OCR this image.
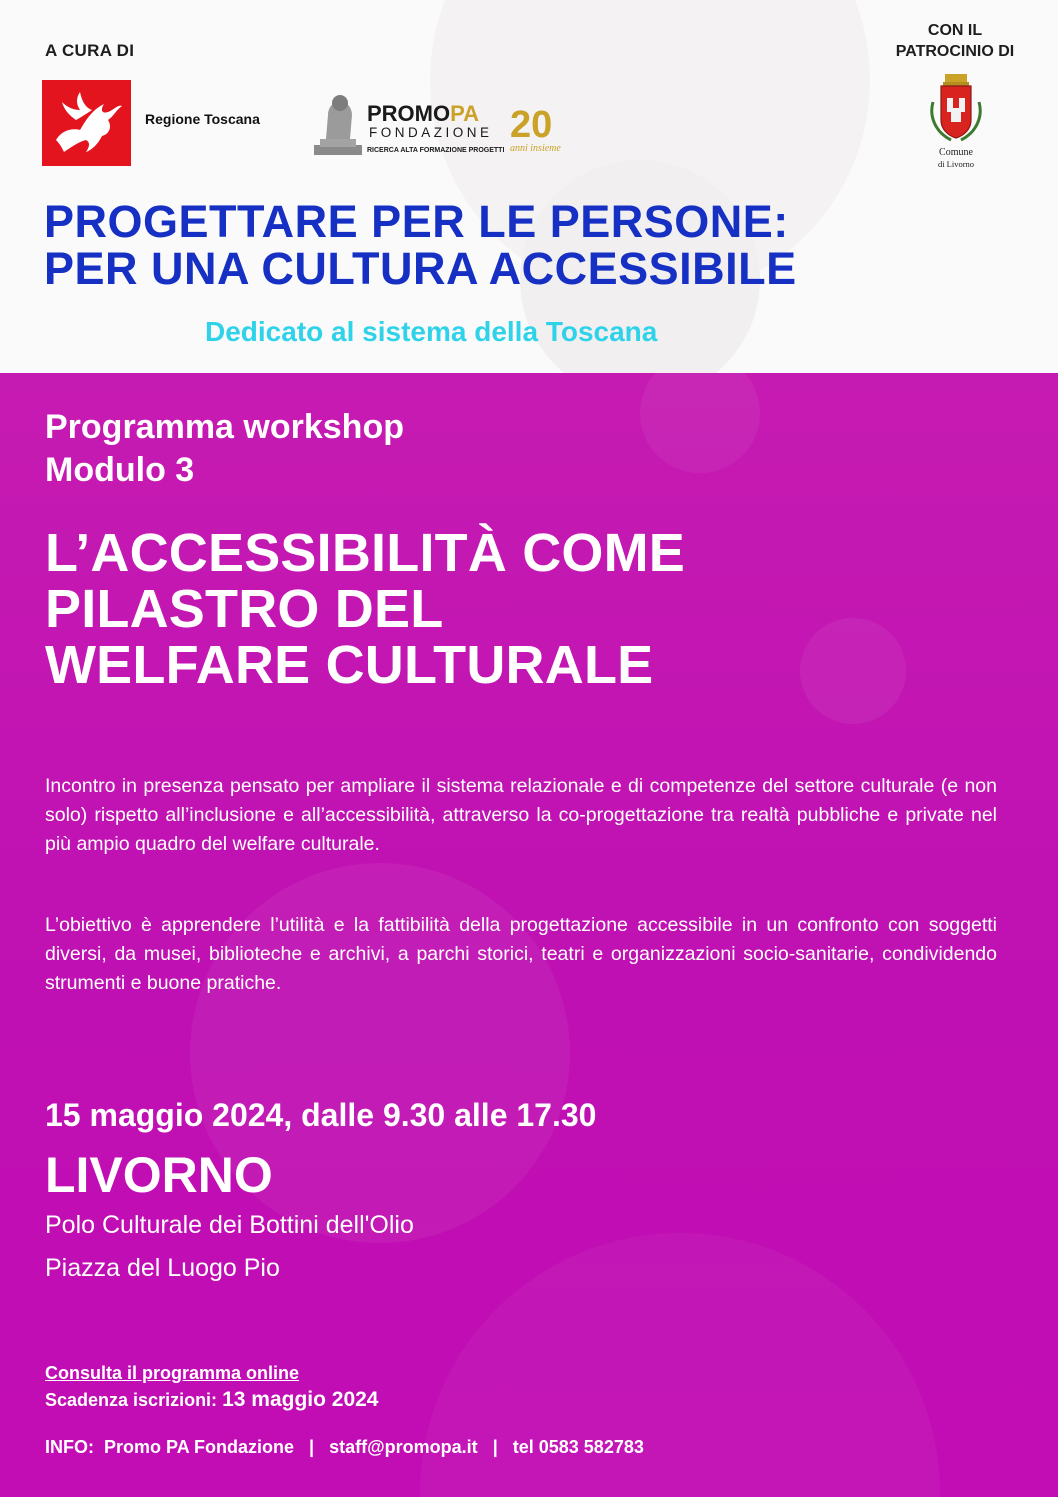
A CURA DI
Regione Toscana	PROMOPA
FONDAZIONE
RICERCA ALTA FORMAZIONE PROGETTI
20
anni insieme
CON IL
PATROCINIO DI
Comune
di Livorno
PROGETTARE PER LE PERSONE:
PER UNA CULTURA ACCESSIBILE
Dedicato al sistema della Toscana
Programma workshop
Modulo 3
L’ACCESSIBILITÀ COME
PILASTRO DEL
WELFARE CULTURALE

Incontro in presenza pensato per ampliare il sistema relazionale e di competenze del settore culturale (e non solo) rispetto all’inclusione e all’accessibilità, attraverso la co-progettazione tra realtà pubbliche e private nel più ampio quadro del welfare culturale.

L’obiettivo è apprendere l’utilità e la fattibilità della progettazione accessibile in un confronto con soggetti diversi, da musei, biblioteche e archivi, a parchi storici, teatri e organizzazioni socio-sanitarie, condividendo strumenti e buone pratiche.

15 maggio 2024, dalle 9.30 alle 17.30
LIVORNO
Polo Culturale dei Bottini dell'Olio
Piazza del Luogo Pio
Consulta il programma online
Scadenza iscrizioni: 13 maggio 2024
INFO: Promo PA Fondazione | staff@promopa.it | tel 0583 582783
